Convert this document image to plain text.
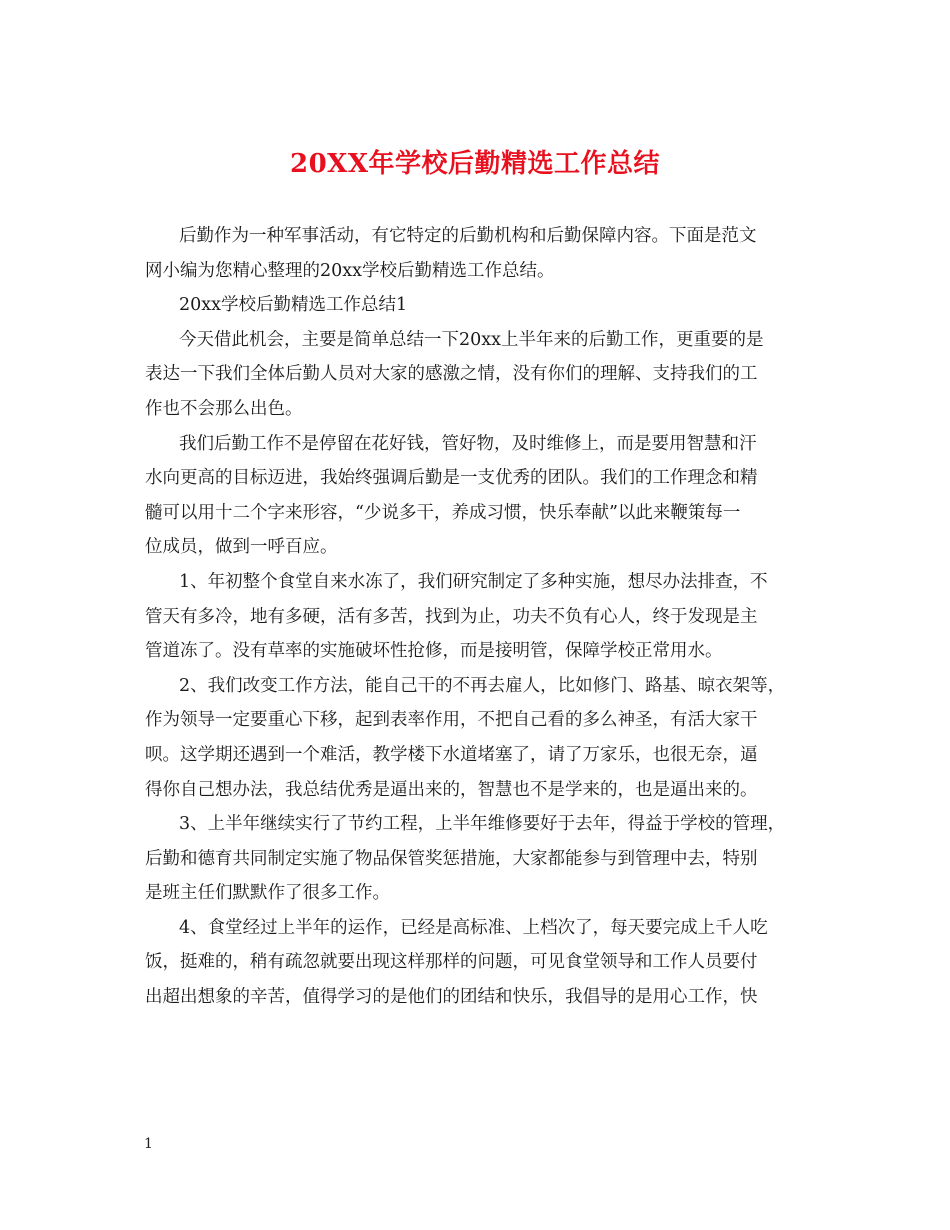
20XX年学校后勤精选工作总结
后勤作为一种军事活动，有它特定的后勤机构和后勤保障内容。下面是范文
网小编为您精心整理的20xx学校后勤精选工作总结。
20xx学校后勤精选工作总结1
今天借此机会，主要是简单总结一下20xx上半年来的后勤工作，更重要的是
表达一下我们全体后勤人员对大家的感激之情，没有你们的理解、支持我们的工
作也不会那么出色。
我们后勤工作不是停留在花好钱，管好物，及时维修上，而是要用智慧和汗
水向更高的目标迈进，我始终强调后勤是一支优秀的团队。我们的工作理念和精
髓可以用十二个字来形容，“少说多干，养成习惯，快乐奉献”以此来鞭策每一
位成员，做到一呼百应。
1、年初整个食堂自来水冻了，我们研究制定了多种实施，想尽办法排查，不
管天有多冷，地有多硬，活有多苦，找到为止，功夫不负有心人，终于发现是主
管道冻了。没有草率的实施破坏性抢修，而是接明管，保障学校正常用水。
2、我们改变工作方法，能自己干的不再去雇人，比如修门、路基、晾衣架等，
作为领导一定要重心下移，起到表率作用，不把自己看的多么神圣，有活大家干
呗。这学期还遇到一个难活，教学楼下水道堵塞了，请了万家乐，也很无奈，逼
得你自己想办法，我总结优秀是逼出来的，智慧也不是学来的，也是逼出来的。
3、上半年继续实行了节约工程，上半年维修要好于去年，得益于学校的管理，
后勤和德育共同制定实施了物品保管奖惩措施，大家都能参与到管理中去，特别
是班主任们默默作了很多工作。
4、食堂经过上半年的运作，已经是高标准、上档次了，每天要完成上千人吃
饭，挺难的，稍有疏忽就要出现这样那样的问题，可见食堂领导和工作人员要付
出超出想象的辛苦，值得学习的是他们的团结和快乐，我倡导的是用心工作，快
1
